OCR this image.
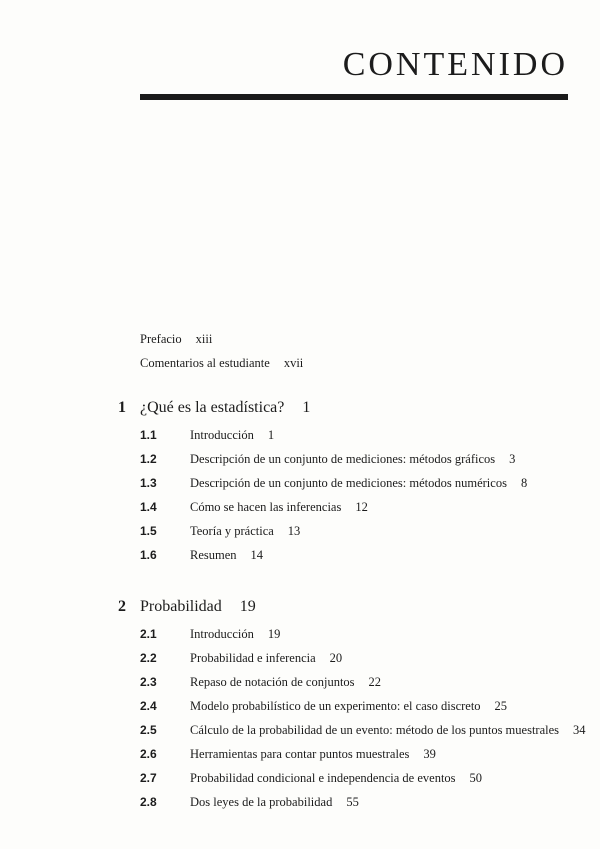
CONTENIDO
Prefacio xiii
Comentarios al estudiante xvii
1 ¿Qué es la estadística? 1
1.1	Introducción 1
1.2	Descripción de un conjunto de mediciones: métodos gráficos 3
1.3	Descripción de un conjunto de mediciones: métodos numéricos 8
1.4	Cómo se hacen las inferencias 12
1.5	Teoría y práctica 13
1.6	Resumen 14
2 Probabilidad 19
2.1	Introducción 19
2.2	Probabilidad e inferencia 20
2.3	Repaso de notación de conjuntos 22
2.4	Modelo probabilístico de un experimento: el caso discreto 25
2.5	Cálculo de la probabilidad de un evento: método de los puntos muestrales 34
2.6	Herramientas para contar puntos muestrales 39
2.7	Probabilidad condicional e independencia de eventos 50
2.8	Dos leyes de la probabilidad 55
